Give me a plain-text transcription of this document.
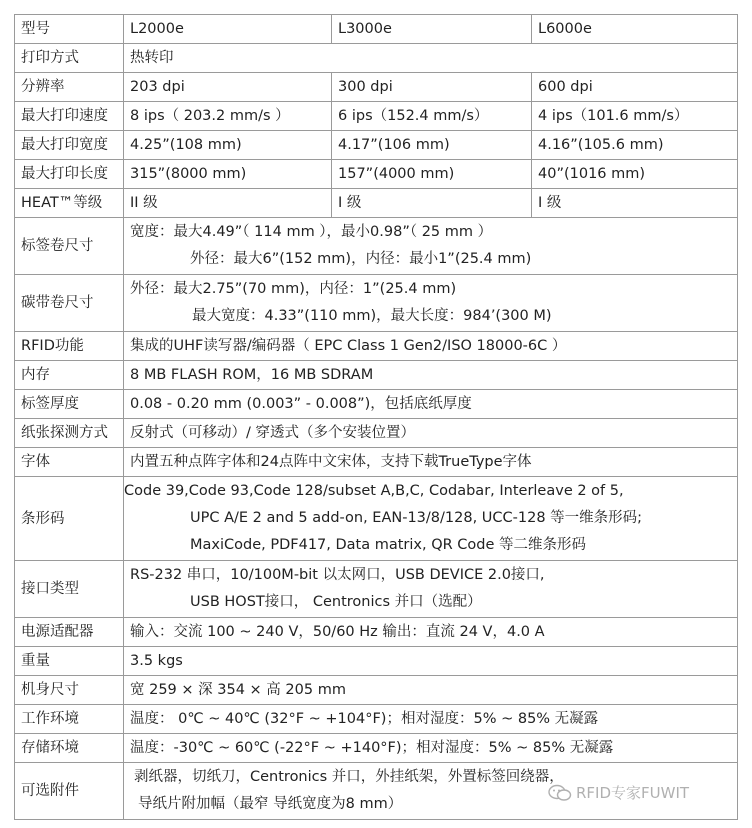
型号	L2000e	L3000e	L6000e
打印方式	热转印		
分辨率	203 dpi	300 dpi	600 dpi
最大打印速度	8 ips（ 203.2 mm/s ）	6 ips（152.4 mm/s）	4 ips（101.6 mm/s）
最大打印宽度	4.25”(108 mm)	4.17”(106 mm)	4.16”(105.6 mm)
最大打印长度	315”(8000 mm)	157”(4000 mm)	40”(1016 mm)
HEAT™等级	II 级	I 级	I 级
标签卷尺寸	宽度：最大4.49”（ 114 mm ），最小0.98”（ 25 mm ）
外径：最大6”(152 mm)，内径：最小1”(25.4 mm)		

碳带卷尺寸	外径：最大2.75”(70 mm)，内径：1”(25.4 mm)
最大宽度：4.33”(110 mm)，最大长度：984’(300 M)		

RFID功能	集成的UHF读写器/编码器（ EPC Class 1 Gen2/ISO 18000-6C ）		
内存	8 MB FLASH ROM，16 MB SDRAM		
标签厚度	0.08 - 0.20 mm (0.003” - 0.008”)，包括底纸厚度		
纸张探测方式	反射式（可移动）/ 穿透式（多个安装位置）		
字体	内置五种点阵字体和24点阵中文宋体，支持下载TrueType字体		
条形码	Code 39,Code 93,Code 128/subset A,B,C, Codabar, Interleave 2 of 5,
UPC A/E 2 and 5 add-on, EAN-13/8/128, UCC-128 等一维条形码;
MaxiCode, PDF417, Data matrix, QR Code 等二维条形码		

接口类型	RS-232 串口，10/100M-bit 以太网口，USB DEVICE 2.0接口,
USB HOST接口， Centronics 并口（选配）		

电源适配器	输入：交流 100 ~ 240 V，50/60 Hz 输出：直流 24 V，4.0 A		
重量	3.5 kgs		
机身尺寸	宽 259 × 深 354 × 高 205 mm		
工作环境	温度： 0℃ ~ 40℃ (32°F ~ +104°F)；相对湿度：5% ~ 85% 无凝露		
存储环境	温度：-30℃ ~ 60℃ (-22°F ~ +140°F)；相对湿度：5% ~ 85% 无凝露		
可选附件	剥纸器，切纸刀，Centronics 并口，外挂纸架，外置标签回绕器，
导纸片附加幅（最窄 导纸宽度为8 mm）		
RFID专家FUWIT
